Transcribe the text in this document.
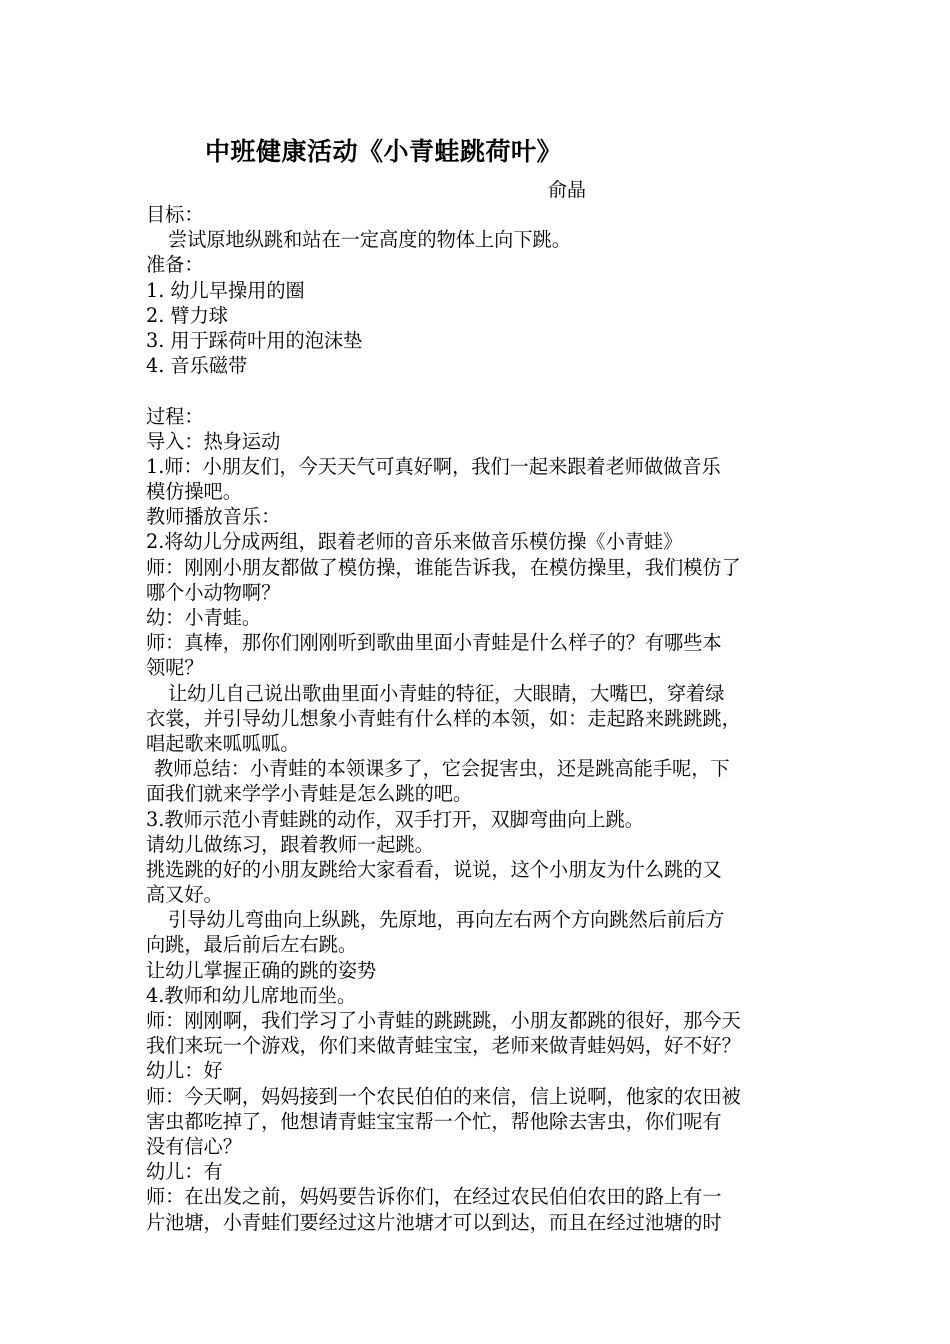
中班健康活动《小青蛙跳荷叶》
俞晶
目标：
尝试原地纵跳和站在一定高度的物体上向下跳。
准备：
1. 幼儿早操用的圈
2. 臂力球
3. 用于踩荷叶用的泡沫垫
4. 音乐磁带
过程：
导入：热身运动
1.师：小朋友们，今天天气可真好啊，我们一起来跟着老师做做音乐
模仿操吧。
教师播放音乐：
2.将幼儿分成两组，跟着老师的音乐来做音乐模仿操《小青蛙》
师：刚刚小朋友都做了模仿操，谁能告诉我，在模仿操里，我们模仿了
哪个小动物啊？
幼：小青蛙。
师：真棒，那你们刚刚听到歌曲里面小青蛙是什么样子的？有哪些本
领呢？
让幼儿自己说出歌曲里面小青蛙的特征，大眼睛，大嘴巴，穿着绿
衣裳，并引导幼儿想象小青蛙有什么样的本领，如：走起路来跳跳跳，
唱起歌来呱呱呱。
教师总结：小青蛙的本领课多了，它会捉害虫，还是跳高能手呢，下
面我们就来学学小青蛙是怎么跳的吧。
3.教师示范小青蛙跳的动作，双手打开，双脚弯曲向上跳。
请幼儿做练习，跟着教师一起跳。
挑选跳的好的小朋友跳给大家看看，说说，这个小朋友为什么跳的又
高又好。
引导幼儿弯曲向上纵跳，先原地，再向左右两个方向跳然后前后方
向跳，最后前后左右跳。
让幼儿掌握正确的跳的姿势
4.教师和幼儿席地而坐。
师：刚刚啊，我们学习了小青蛙的跳跳跳，小朋友都跳的很好，那今天
我们来玩一个游戏，你们来做青蛙宝宝，老师来做青蛙妈妈，好不好？
幼儿：好
师：今天啊，妈妈接到一个农民伯伯的来信，信上说啊，他家的农田被
害虫都吃掉了，他想请青蛙宝宝帮一个忙，帮他除去害虫，你们呢有
没有信心？
幼儿：有
师：在出发之前，妈妈要告诉你们，在经过农民伯伯农田的路上有一
片池塘，小青蛙们要经过这片池塘才可以到达，而且在经过池塘的时
